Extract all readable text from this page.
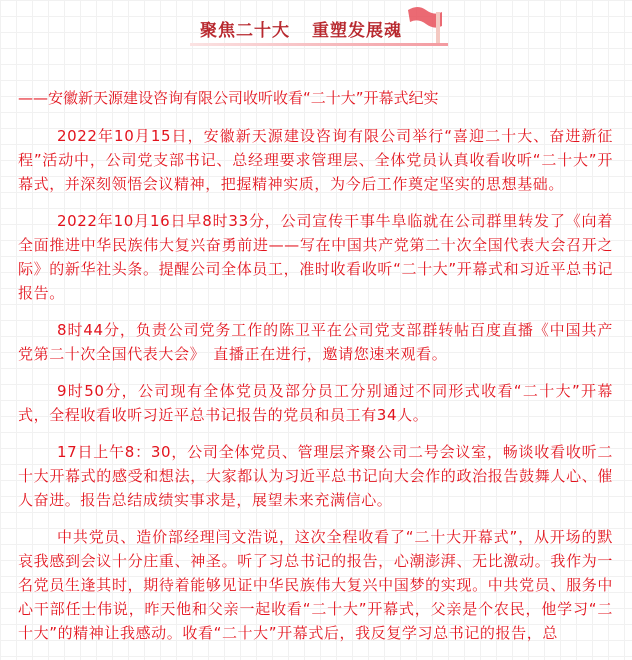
聚焦二十大 重塑发展魂

——安徽新天源建设咨询有限公司收听收看“二十大”开幕式纪实

2022年10月15日，安徽新天源建设咨询有限公司举行“喜迎二十大、奋进新征程”活动中，公司党支部书记、总经理要求管理层、全体党员认真收看收听“二十大”开幕式，并深刻领悟会议精神，把握精神实质，为今后工作奠定坚实的思想基础。

2022年10月16日早8时33分，公司宣传干事牛阜临就在公司群里转发了《向着全面推进中华民族伟大复兴奋勇前进——写在中国共产党第二十次全国代表大会召开之际》的新华社头条。提醒公司全体员工，准时收看收听“二十大”开幕式和习近平总书记报告。

8时44分，负责公司党务工作的陈卫平在公司党支部群转帖百度直播《中国共产党第二十次全国代表大会》　直播正在进行，邀请您速来观看。

9时50分，公司现有全体党员及部分员工分别通过不同形式收看“二十大”开幕式，全程收看收听习近平总书记报告的党员和员工有34人。

17日上午8：30，公司全体党员、管理层齐聚公司二号会议室，畅谈收看收听二十大开幕式的感受和想法，大家都认为习近平总书记向大会作的政治报告鼓舞人心、催人奋进。报告总结成绩实事求是，展望未来充满信心。

中共党员、造价部经理闫文浩说，这次全程收看了“二十大开幕式”，从开场的默哀我感到会议十分庄重、神圣。听了习总书记的报告，心潮澎湃、无比激动。我作为一名党员生逢其时，期待着能够见证中华民族伟大复兴中国梦的实现。中共党员、服务中心干部任士伟说，昨天他和父亲一起收看“二十大”开幕式，父亲是个农民，他学习“二十大”的精神让我感动。收看“二十大”开幕式后，我反复学习总书记的报告，总
